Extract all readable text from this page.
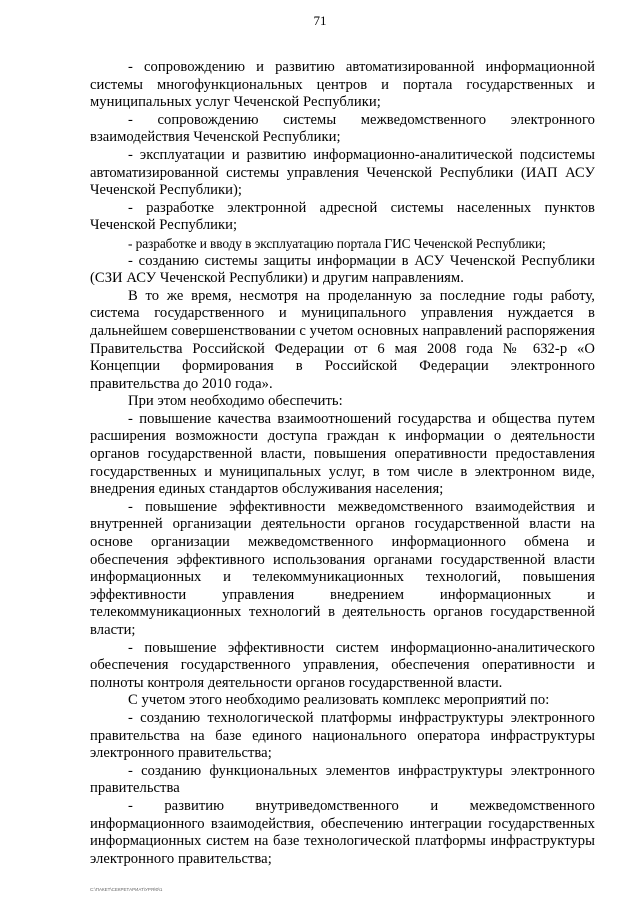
71

- сопровождению и развитию автоматизированной информационной системы многофункциональных центров и портала государственных и муниципальных услуг Чеченской Республики;

- сопровождению системы межведомственного электронного взаимодействия Чеченской Республики;

- эксплуатации и развитию информационно-аналитической подсистемы автоматизированной системы управления Чеченской Республики (ИАП АСУ Чеченской Республики);

- разработке электронной адресной системы населенных пунктов Чеченской Республики;

- разработке и вводу в эксплуатацию портала ГИС Чеченской Республики;

- созданию системы защиты информации в АСУ Чеченской Республики (СЗИ АСУ Чеченской Республики) и другим направлениям.

В то же время, несмотря на проделанную за последние годы работу, система государственного и муниципального управления нуждается в дальнейшем совершенствовании с учетом основных направлений распоряжения Правительства Российской Федерации от 6 мая 2008 года № 632-р «О Концепции формирования в Российской Федерации электронного правительства до 2010 года».

При этом необходимо обеспечить:

- повышение качества взаимоотношений государства и общества путем расширения возможности доступа граждан к информации о деятельности органов государственной власти, повышения оперативности предоставления государственных и муниципальных услуг, в том числе в электронном виде, внедрения единых стандартов обслуживания населения;

- повышение эффективности межведомственного взаимодействия и внутренней организации деятельности органов государственной власти на основе организации межведомственного информационного обмена и обеспечения эффективного использования органами государственной власти информационных и телекоммуникационных технологий, повышения эффективности управления внедрением информационных и телекоммуникационных технологий в деятельность органов государственной власти;

- повышение эффективности систем информационно-аналитического обеспечения государственного управления, обеспечения оперативности и полноты контроля деятельности органов государственной власти.

С учетом этого необходимо реализовать комплекс мероприятий по:

- созданию технологической платформы инфраструктуры электронного правительства на базе единого национального оператора инфраструктуры электронного правительства;

- созданию функциональных элементов инфраструктуры электронного правительства

- развитию внутриведомственного и межведомственного информационного взаимодействия, обеспечению интеграции государственных информационных систем на базе технологической платформы инфраструктуры электронного правительства;

С:\ПАКЕТ\СЕКРЕТАРИАТ\УРЯ\Ф\1
